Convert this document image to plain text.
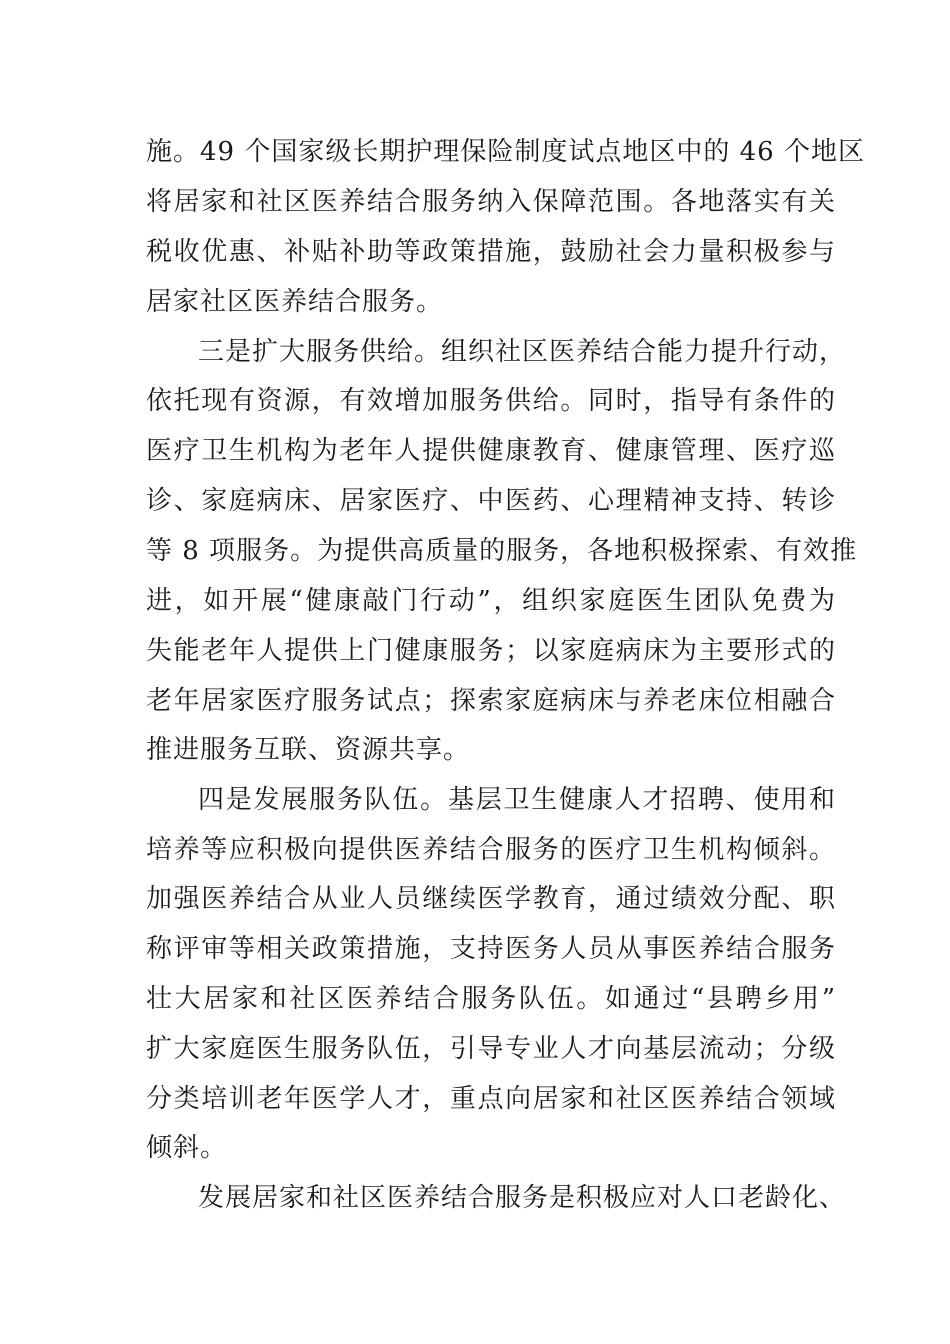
施。49 个国家级长期护理保险制度试点地区中的 46 个地区
将居家和社区医养结合服务纳入保障范围。各地落实有关
税收优惠、补贴补助等政策措施，鼓励社会力量积极参与
居家社区医养结合服务。
三是扩大服务供给。组织社区医养结合能力提升行动，
依托现有资源，有效增加服务供给。同时，指导有条件的
医疗卫生机构为老年人提供健康教育、健康管理、医疗巡
诊、家庭病床、居家医疗、中医药、心理精神支持、转诊
等 8 项服务。为提供高质量的服务，各地积极探索、有效推
进，如开展“健康敲门行动”，组织家庭医生团队免费为
失能老年人提供上门健康服务；以家庭病床为主要形式的
老年居家医疗服务试点；探索家庭病床与养老床位相融合
推进服务互联、资源共享。
四是发展服务队伍。基层卫生健康人才招聘、使用和
培养等应积极向提供医养结合服务的医疗卫生机构倾斜。
加强医养结合从业人员继续医学教育，通过绩效分配、职
称评审等相关政策措施，支持医务人员从事医养结合服务
壮大居家和社区医养结合服务队伍。如通过“县聘乡用”
扩大家庭医生服务队伍，引导专业人才向基层流动；分级
分类培训老年医学人才，重点向居家和社区医养结合领域
倾斜。
发展居家和社区医养结合服务是积极应对人口老龄化、
